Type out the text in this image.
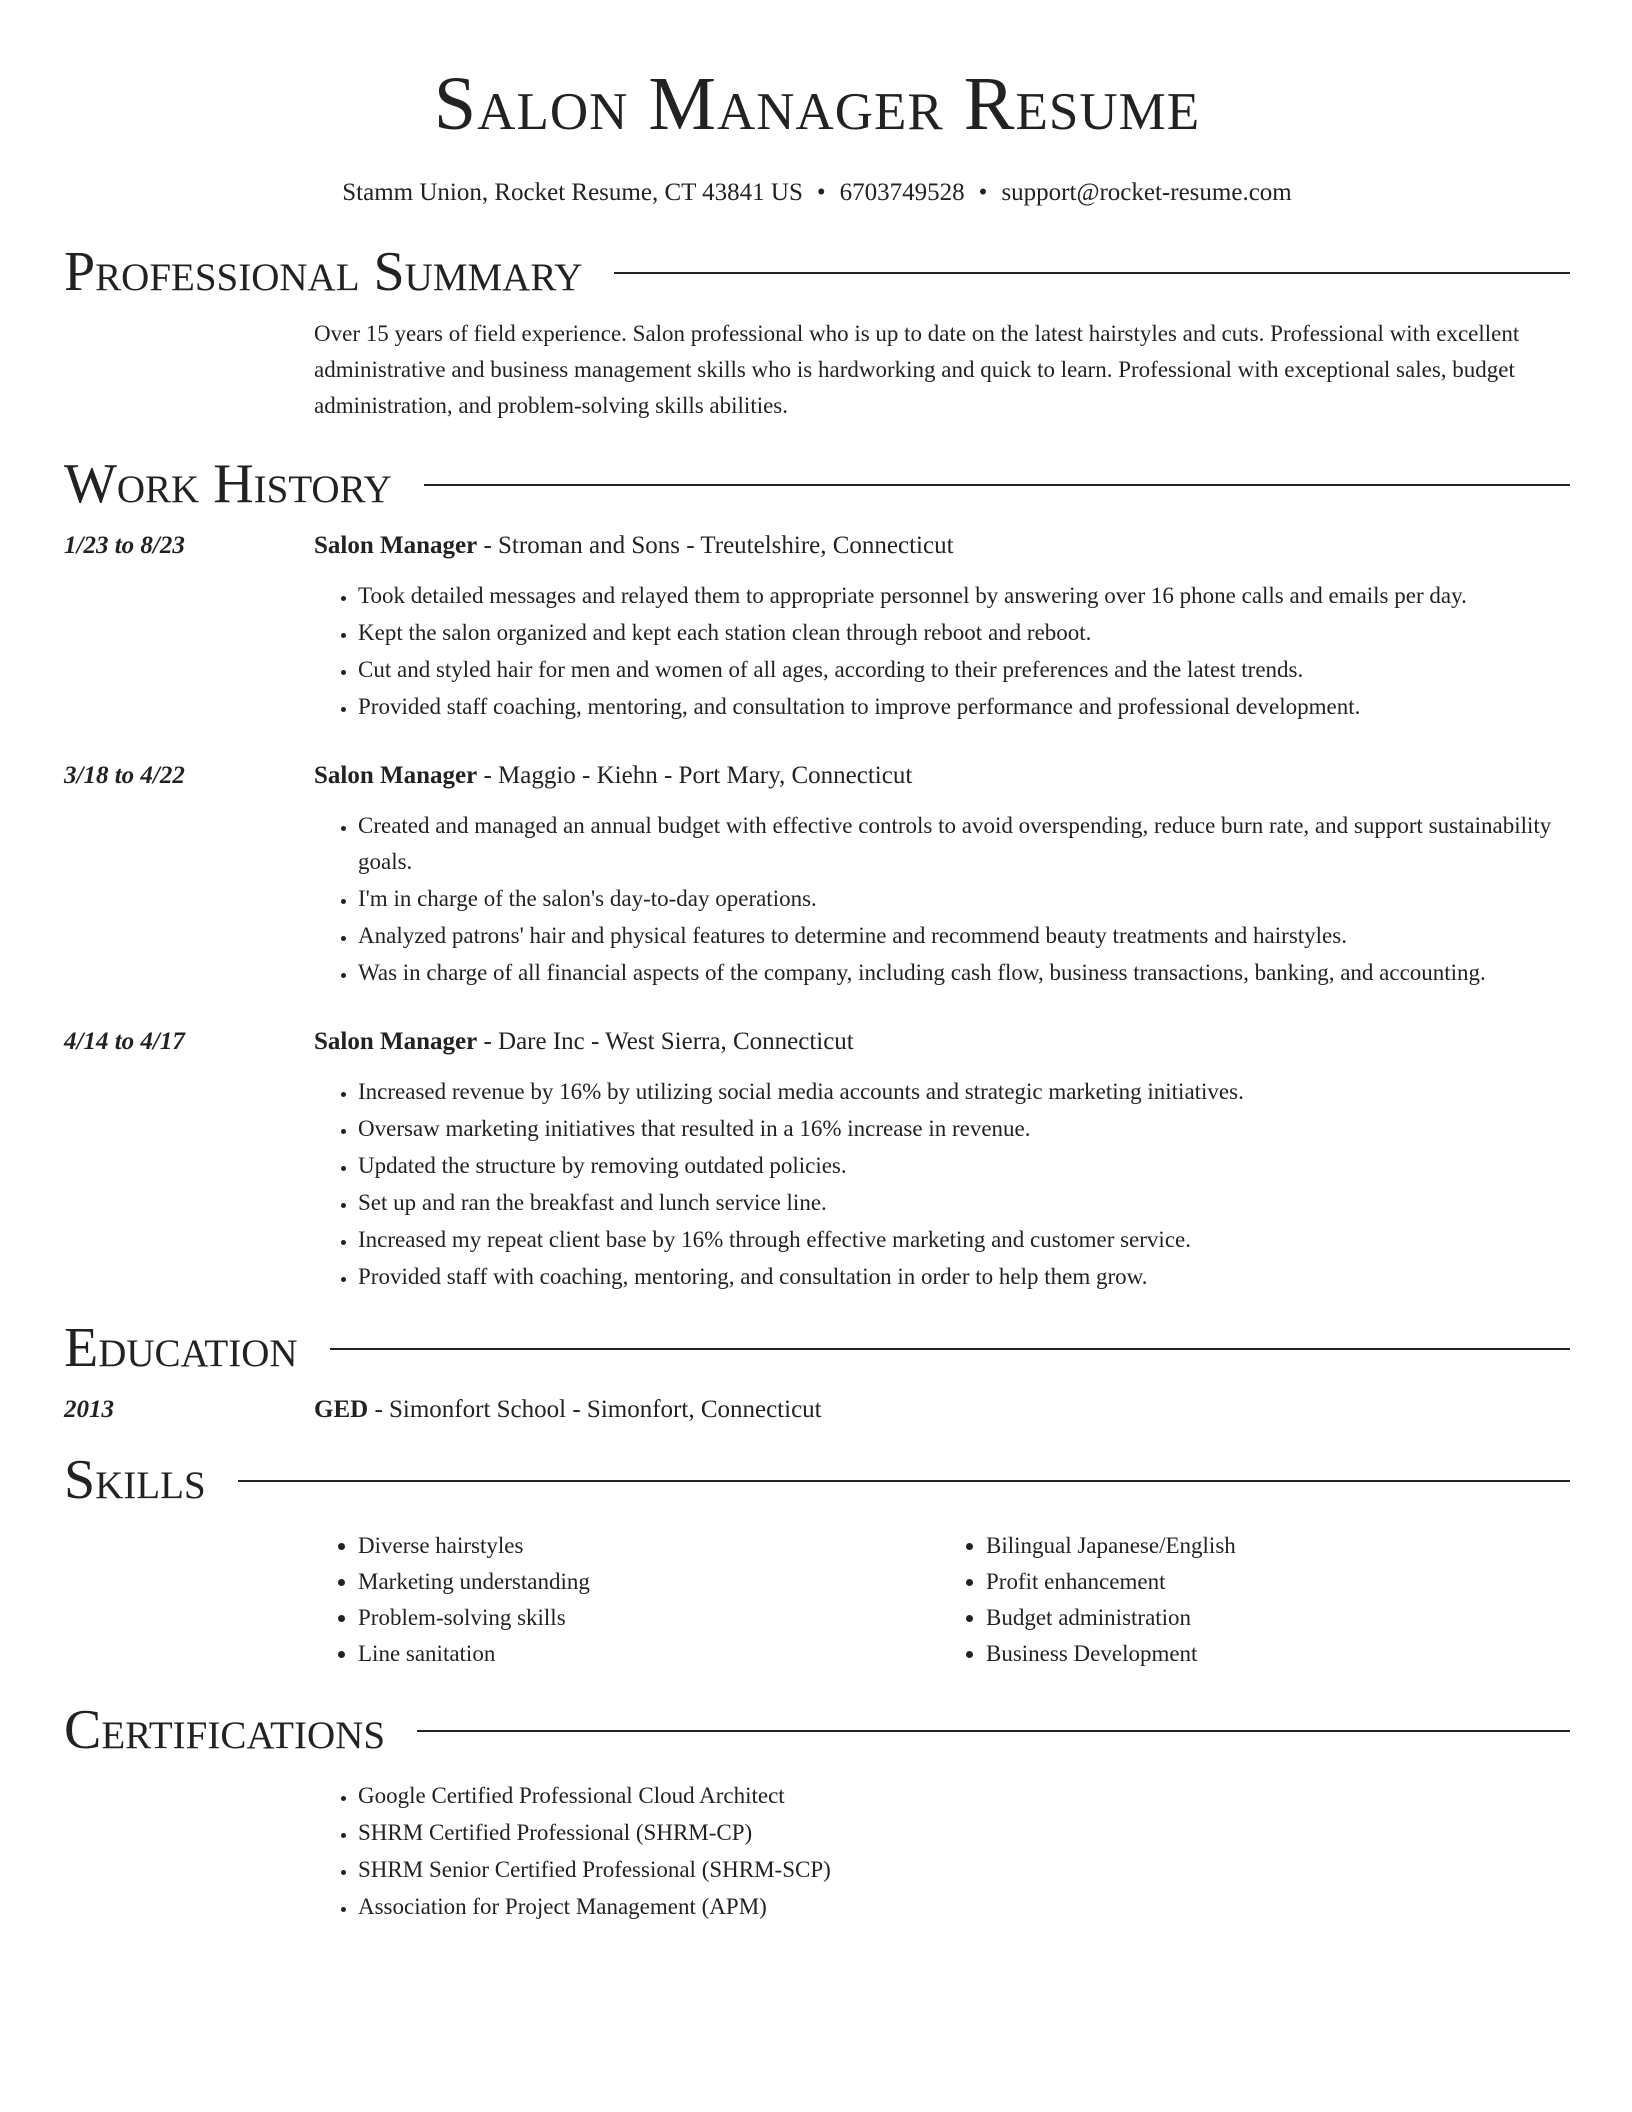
Salon Manager Resume
Stamm Union, Rocket Resume, CT 43841 US • 6703749528 • support@rocket-resume.com
Professional Summary
Over 15 years of field experience. Salon professional who is up to date on the latest hairstyles and cuts. Professional with excellent administrative and business management skills who is hardworking and quick to learn. Professional with exceptional sales, budget administration, and problem-solving skills abilities.
Work History
1/23 to 8/23	Salon Manager - Stroman and Sons - Treutelshire, Connecticut
• Took detailed messages and relayed them to appropriate personnel by answering over 16 phone calls and emails per day.
• Kept the salon organized and kept each station clean through reboot and reboot.
• Cut and styled hair for men and women of all ages, according to their preferences and the latest trends.
• Provided staff coaching, mentoring, and consultation to improve performance and professional development.
3/18 to 4/22	Salon Manager - Maggio - Kiehn - Port Mary, Connecticut
• Created and managed an annual budget with effective controls to avoid overspending, reduce burn rate, and support sustainability goals.
• I'm in charge of the salon's day-to-day operations.
• Analyzed patrons' hair and physical features to determine and recommend beauty treatments and hairstyles.
• Was in charge of all financial aspects of the company, including cash flow, business transactions, banking, and accounting.
4/14 to 4/17	Salon Manager - Dare Inc - West Sierra, Connecticut
• Increased revenue by 16% by utilizing social media accounts and strategic marketing initiatives.
• Oversaw marketing initiatives that resulted in a 16% increase in revenue.
• Updated the structure by removing outdated policies.
• Set up and ran the breakfast and lunch service line.
• Increased my repeat client base by 16% through effective marketing and customer service.
• Provided staff with coaching, mentoring, and consultation in order to help them grow.
Education
2013	GED - Simonfort School - Simonfort, Connecticut
Skills
• Diverse hairstyles
• Marketing understanding
• Problem-solving skills
• Line sanitation
• Bilingual Japanese/English
• Profit enhancement
• Budget administration
• Business Development
Certifications
• Google Certified Professional Cloud Architect
• SHRM Certified Professional (SHRM-CP)
• SHRM Senior Certified Professional (SHRM-SCP)
• Association for Project Management (APM)
